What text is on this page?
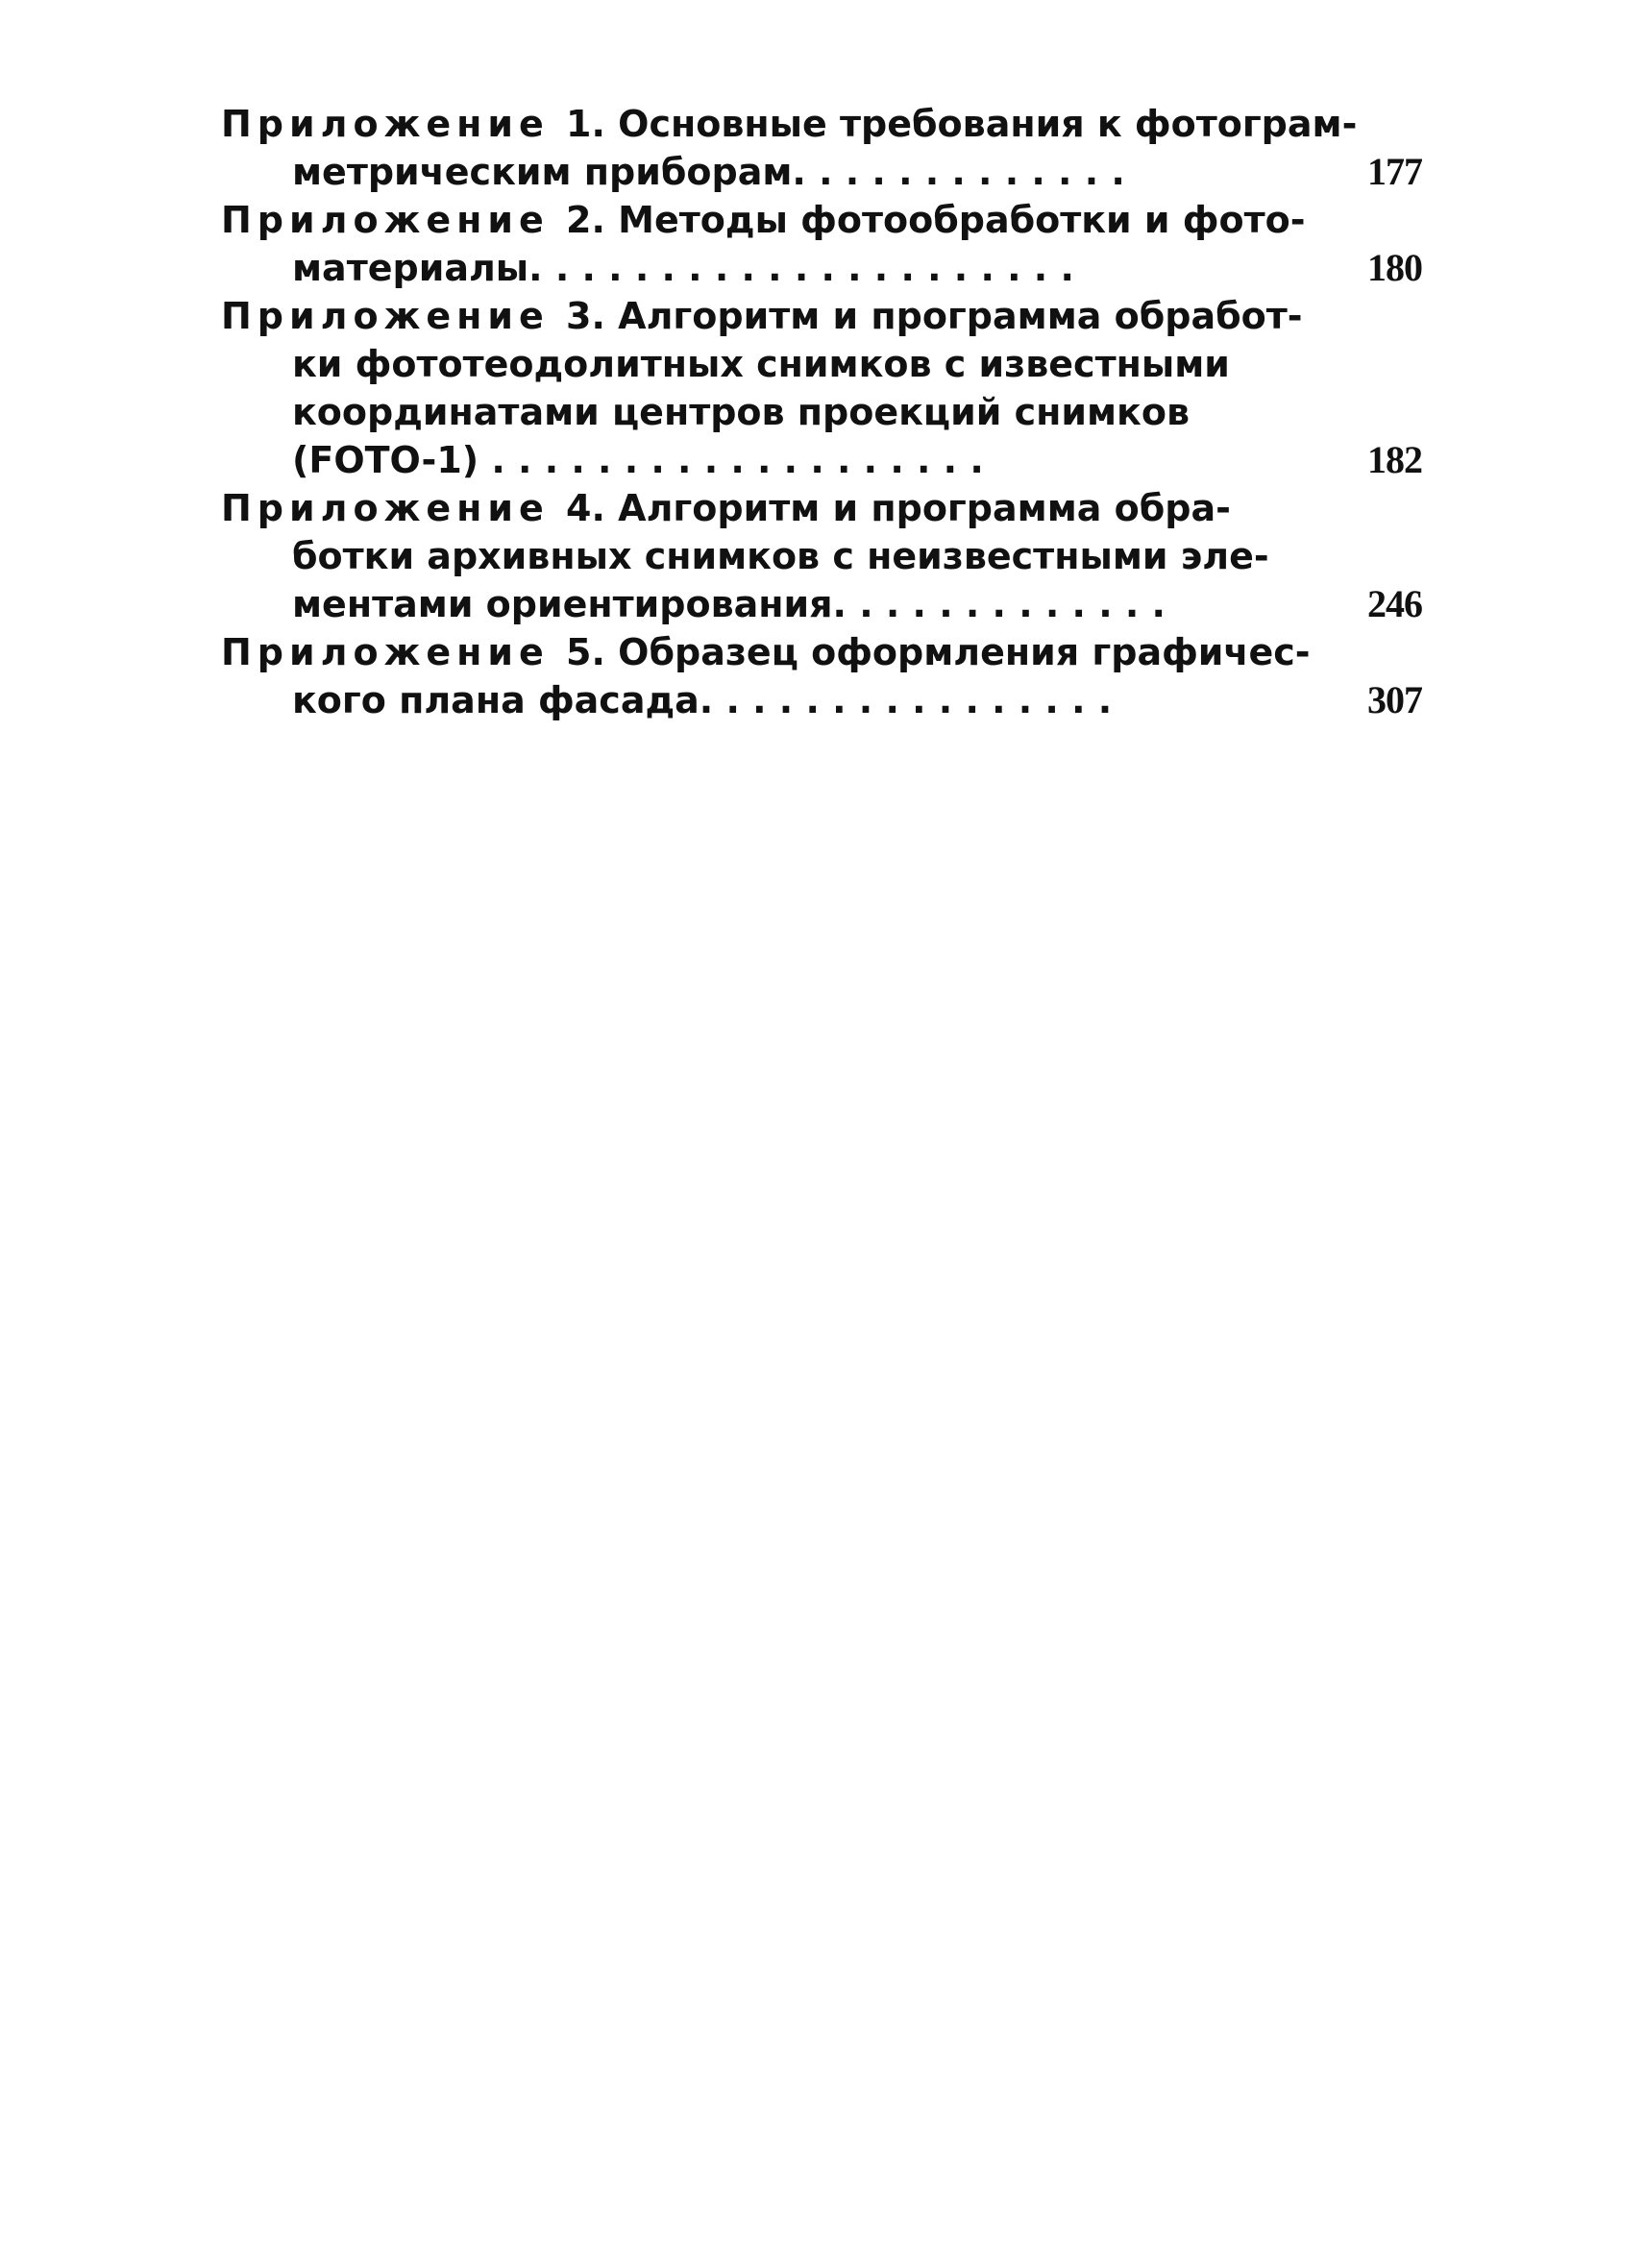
Приложение 1. Основные требования к фотограм-
метрическим приборам. . . . . . . . . . . . .	177
Приложение 2. Методы фотообработки и фото-
материалы. . . . . . . . . . . . . . . . . . . . .	180
Приложение 3. Алгоритм и программа обработ-
ки фототеодолитных снимков с известными
координатами центров проекций снимков
(FOTO-1) . . . . . . . . . . . . . . . . . . .	182
Приложение 4. Алгоритм и программа обра-
ботки архивных снимков с неизвестными эле-
ментами ориентирования. . . . . . . . . . . . .	246
Приложение 5. Образец оформления графичес-
кого плана фасада. . . . . . . . . . . . . . . .	307
